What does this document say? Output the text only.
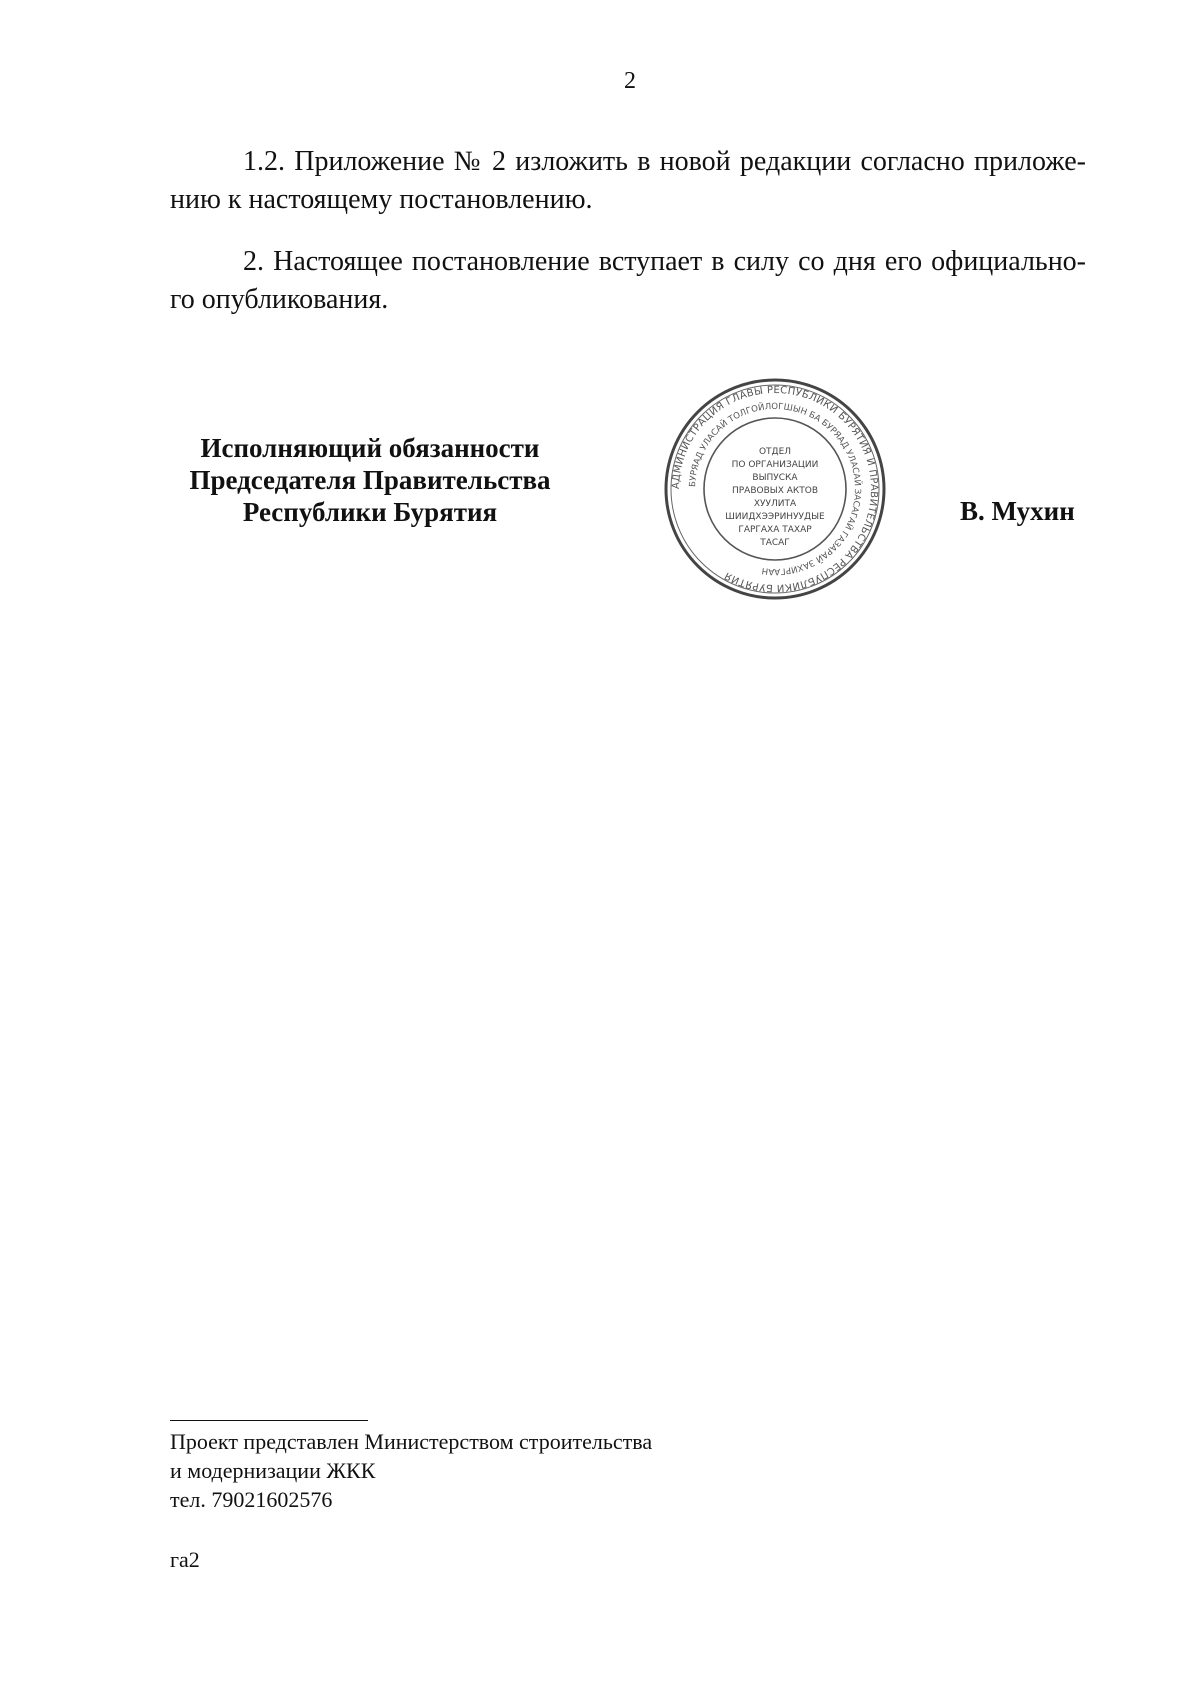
2
1.2. Приложение № 2 изложить в новой редакции согласно приложе-
нию к настоящему постановлению.
2. Настоящее постановление вступает в силу со дня его официально-
го опубликования.
Исполняющий обязанности
Председателя Правительства
Республики Бурятия
АДМИНИСТРАЦИЯ ГЛАВЫ РЕСПУБЛИКИ БУРЯТИЯ И ПРАВИТЕЛЬСТВА РЕСПУБЛИКИ БУРЯТИЯ
БУРЯАД УЛАСАЙ ТОЛГОЙЛОГШЫН БА БУРЯАД УЛАСАЙ ЗАСАГАЙ ГАЗАРАЙ ЗАХИРГААН
ОТДЕЛ
ПО ОРГАНИЗАЦИИ
ВЫПУСКА
ПРАВОВЫХ АКТОВ
ХУУЛИТА
ШИИДХЭЭРИНУУДЫЕ
ГАРГАХА ТАХАР
ТАСАГ
В. Мухин
Проект представлен Министерством строительства
и модернизации ЖКК
тел. 79021602576
га2
